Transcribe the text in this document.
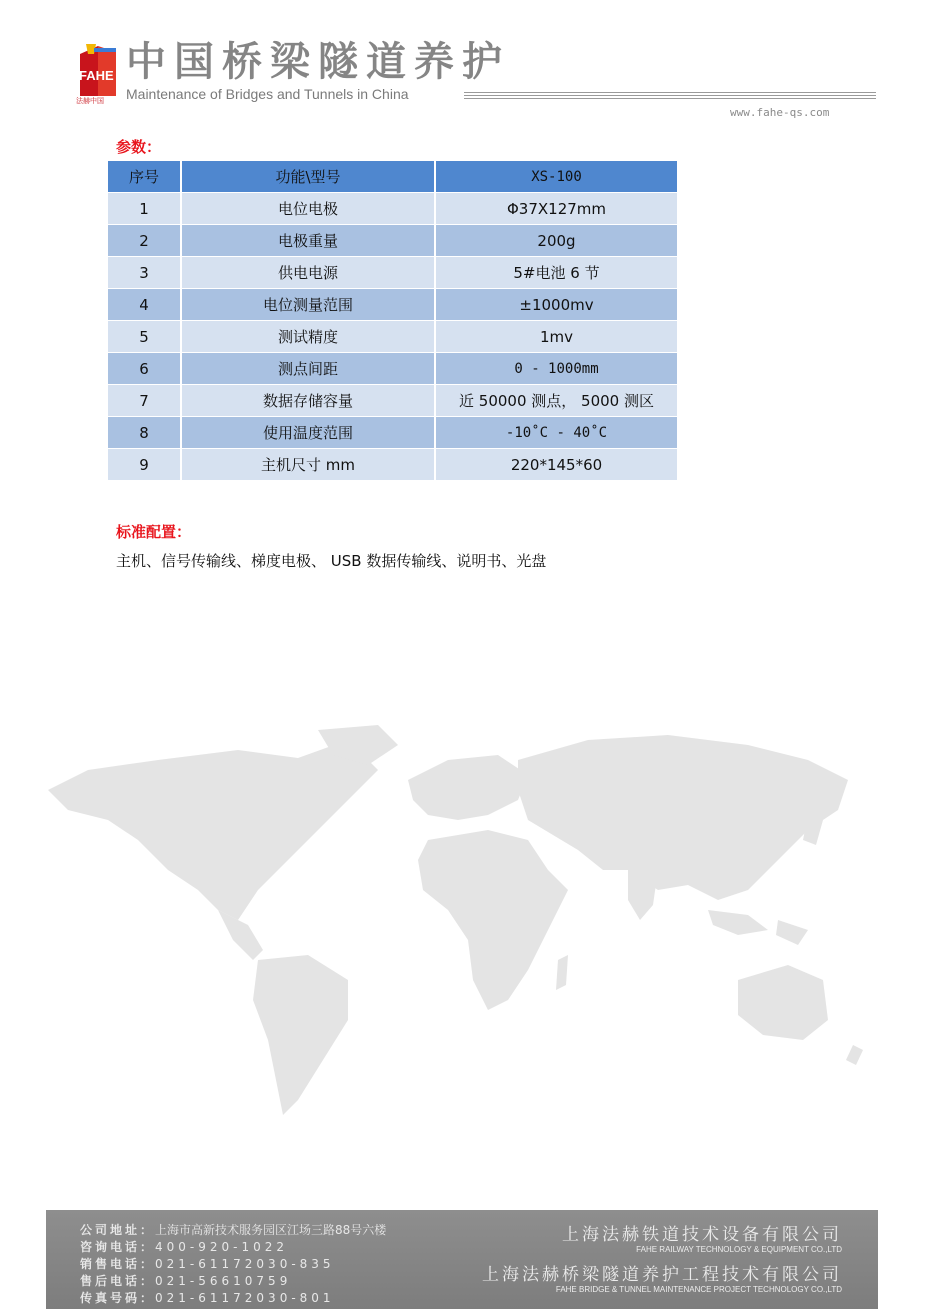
FAHE
法赫中国
中国桥梁隧道养护
Maintenance of Bridges and Tunnels in China
www.fahe-qs.com
参数：
序号	功能\型号	XS-100
1	电位电极	Φ37X127mm
2	电极重量	200g
3	供电电源	5#电池 6 节
4	电位测量范围	±1000mv
5	测试精度	1mv
6	测点间距	0 - 1000mm
7	数据存储容量	近 50000 测点， 5000 测区
8	使用温度范围	-10˚C - 40˚C
9	主机尺寸 mm	220*145*60
标准配置：
主机、信号传输线、梯度电极、 USB 数据传输线、说明书、光盘
公司地址：上海市高新技术服务园区江场三路88号六楼
咨询电话：400-920-1022
销售电话：021-61172030-835
售后电话：021-56610759
传真号码：021-61172030-801
上海法赫铁道技术设备有限公司
FAHE RAILWAY TECHNOLOGY & EQUIPMENT CO.,LTD
上海法赫桥梁隧道养护工程技术有限公司
FAHE BRIDGE & TUNNEL MAINTENANCE PROJECT TECHNOLOGY CO.,LTD
